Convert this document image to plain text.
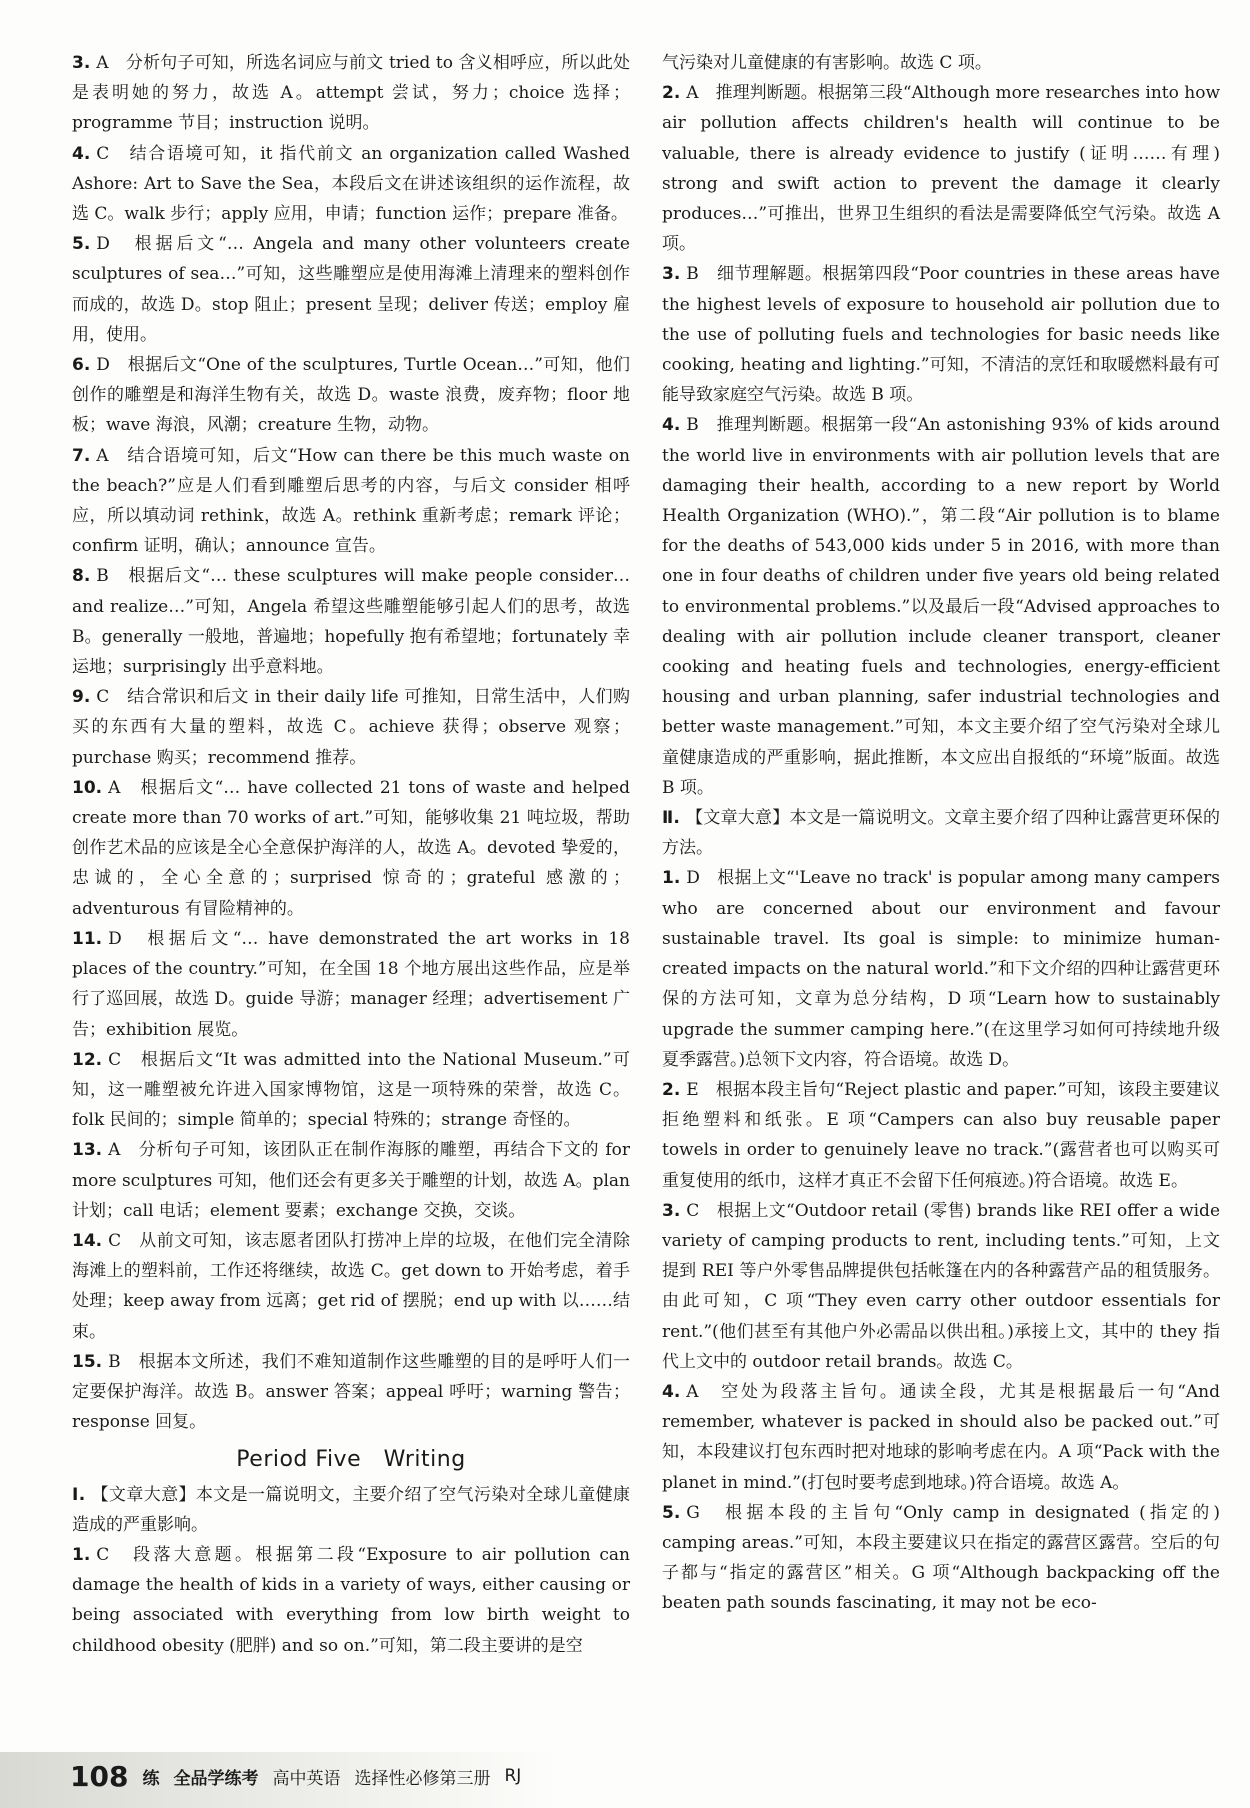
3. A　分析句子可知，所选名词应与前文 tried to 含义相呼应，所以此处是表明她的努力，故选 A。attempt 尝试，努力；choice 选择；programme 节目；instruction 说明。

4. C　结合语境可知，it 指代前文 an organization called Washed Ashore: Art to Save the Sea，本段后文在讲述该组织的运作流程，故选 C。walk 步行；apply 应用，申请；function 运作；prepare 准备。

5. D　根据后文“… Angela and many other volunteers create sculptures of sea…”可知，这些雕塑应是使用海滩上清理来的塑料创作而成的，故选 D。stop 阻止；present 呈现；deliver 传送；employ 雇用，使用。

6. D　根据后文“One of the sculptures, Turtle Ocean…”可知，他们创作的雕塑是和海洋生物有关，故选 D。waste 浪费，废弃物；floor 地板；wave 海浪，风潮；creature 生物，动物。

7. A　结合语境可知，后文“How can there be this much waste on the beach?”应是人们看到雕塑后思考的内容，与后文 consider 相呼应，所以填动词 rethink，故选 A。rethink 重新考虑；remark 评论；confirm 证明，确认；announce 宣告。

8. B　根据后文“… these sculptures will make people consider… and realize…”可知，Angela 希望这些雕塑能够引起人们的思考，故选 B。generally 一般地，普遍地；hopefully 抱有希望地；fortunately 幸运地；surprisingly 出乎意料地。

9. C　结合常识和后文 in their daily life 可推知，日常生活中，人们购买的东西有大量的塑料，故选 C。achieve 获得；observe 观察；purchase 购买；recommend 推荐。

10. A　根据后文“… have collected 21 tons of waste and helped create more than 70 works of art.”可知，能够收集 21 吨垃圾，帮助创作艺术品的应该是全心全意保护海洋的人，故选 A。devoted 挚爱的，忠诚的，全心全意的；surprised 惊奇的；grateful 感激的；adventurous 有冒险精神的。

11. D　根据后文“… have demonstrated the art works in 18 places of the country.”可知，在全国 18 个地方展出这些作品，应是举行了巡回展，故选 D。guide 导游；manager 经理；advertisement 广告；exhibition 展览。

12. C　根据后文“It was admitted into the National Museum.”可知，这一雕塑被允许进入国家博物馆，这是一项特殊的荣誉，故选 C。folk 民间的；simple 简单的；special 特殊的；strange 奇怪的。

13. A　分析句子可知，该团队正在制作海豚的雕塑，再结合下文的 for more sculptures 可知，他们还会有更多关于雕塑的计划，故选 A。plan 计划；call 电话；element 要素；exchange 交换，交谈。

14. C　从前文可知，该志愿者团队打捞冲上岸的垃圾，在他们完全清除海滩上的塑料前，工作还将继续，故选 C。get down to 开始考虑，着手处理；keep away from 远离；get rid of 摆脱；end up with 以……结束。

15. B　根据本文所述，我们不难知道制作这些雕塑的目的是呼吁人们一定要保护海洋。故选 B。answer 答案；appeal 呼吁；warning 警告；response 回复。

Period Five　Writing

Ⅰ. 【文章大意】本文是一篇说明文，主要介绍了空气污染对全球儿童健康造成的严重影响。

1. C　段落大意题。根据第二段“Exposure to air pollution can damage the health of kids in a variety of ways, either causing or being associated with everything from low birth weight to childhood obesity (肥胖) and so on.”可知，第二段主要讲的是空

气污染对儿童健康的有害影响。故选 C 项。

2. A　推理判断题。根据第三段“Although more researches into how air pollution affects children's health will continue to be valuable, there is already evidence to justify (证明……有理) strong and swift action to prevent the damage it clearly produces…”可推出，世界卫生组织的看法是需要降低空气污染。故选 A 项。

3. B　细节理解题。根据第四段“Poor countries in these areas have the highest levels of exposure to household air pollution due to the use of polluting fuels and technologies for basic needs like cooking, heating and lighting.”可知，不清洁的烹饪和取暖燃料最有可能导致家庭空气污染。故选 B 项。

4. B　推理判断题。根据第一段“An astonishing 93% of kids around the world live in environments with air pollution levels that are damaging their health, according to a new report by World Health Organization (WHO).”，第二段“Air pollution is to blame for the deaths of 543,000 kids under 5 in 2016, with more than one in four deaths of children under five years old being related to environmental problems.”以及最后一段“Advised approaches to dealing with air pollution include cleaner transport, cleaner cooking and heating fuels and technologies, energy-efficient housing and urban planning, safer industrial technologies and better waste management.”可知，本文主要介绍了空气污染对全球儿童健康造成的严重影响，据此推断，本文应出自报纸的“环境”版面。故选 B 项。

Ⅱ. 【文章大意】本文是一篇说明文。文章主要介绍了四种让露营更环保的方法。

1. D　根据上文“'Leave no track' is popular among many campers who are concerned about our environment and favour sustainable travel. Its goal is simple: to minimize human-created impacts on the natural world.”和下文介绍的四种让露营更环保的方法可知，文章为总分结构，D 项“Learn how to sustainably upgrade the summer camping here.”(在这里学习如何可持续地升级夏季露营。)总领下文内容，符合语境。故选 D。

2. E　根据本段主旨句“Reject plastic and paper.”可知，该段主要建议拒绝塑料和纸张。E 项“Campers can also buy reusable paper towels in order to genuinely leave no track.”(露营者也可以购买可重复使用的纸巾，这样才真正不会留下任何痕迹。)符合语境。故选 E。

3. C　根据上文“Outdoor retail (零售) brands like REI offer a wide variety of camping products to rent, including tents.”可知，上文提到 REI 等户外零售品牌提供包括帐篷在内的各种露营产品的租赁服务。由此可知，C 项“They even carry other outdoor essentials for rent.”(他们甚至有其他户外必需品以供出租。)承接上文，其中的 they 指代上文中的 outdoor retail brands。故选 C。

4. A　空处为段落主旨句。通读全段，尤其是根据最后一句“And remember, whatever is packed in should also be packed out.”可知，本段建议打包东西时把对地球的影响考虑在内。A 项“Pack with the planet in mind.”(打包时要考虑到地球。)符合语境。故选 A。

5. G　根据本段的主旨句“Only camp in designated (指定的) camping areas.”可知，本段主要建议只在指定的露营区露营。空后的句子都与“指定的露营区”相关。G 项“Although backpacking off the beaten path sounds fascinating, it may not be eco-

108 练 全品学练考 高中英语 选择性必修第三册 RJ
